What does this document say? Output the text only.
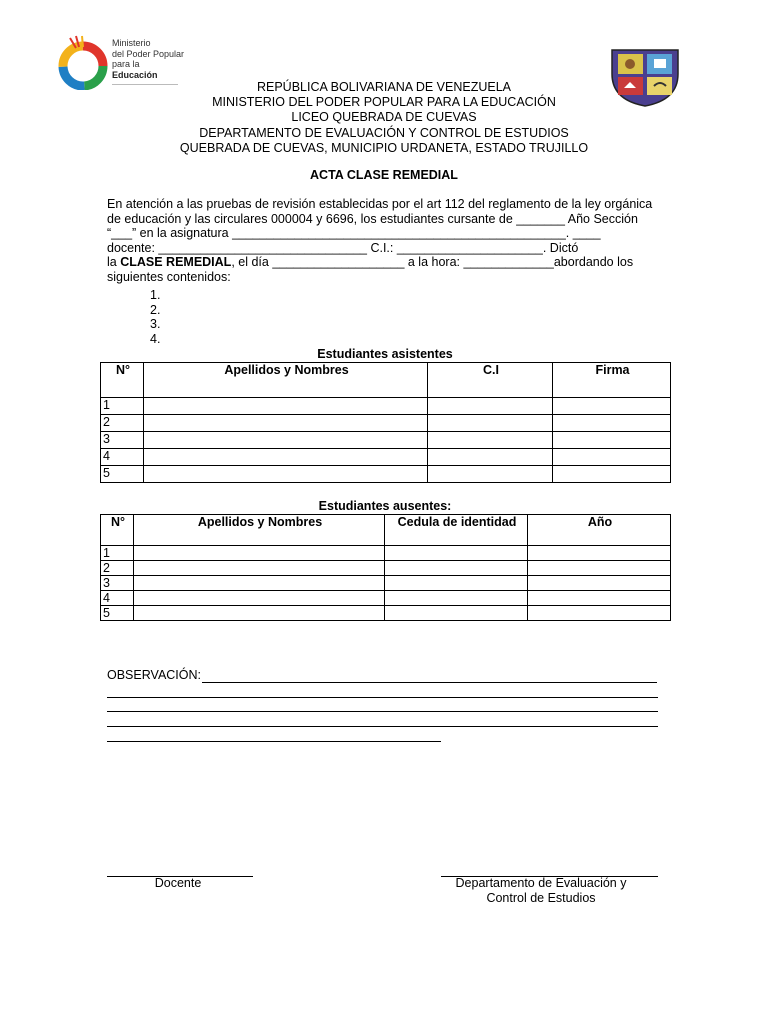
Ministerio
del Poder Popular
para la Educación
REPÚBLICA BOLIVARIANA DE VENEZUELA
MINISTERIO DEL PODER POPULAR PARA LA EDUCACIÓN
LICEO QUEBRADA DE CUEVAS
DEPARTAMENTO DE EVALUACIÓN Y CONTROL DE ESTUDIOS
QUEBRADA DE CUEVAS, MUNICIPIO URDANETA, ESTADO TRUJILLO
ACTA CLASE REMEDIAL
En atención a las pruebas de revisión establecidas por el art 112 del reglamento de la ley orgánica
de educación y las circulares 000004 y 6696, los estudiantes cursante de _______ Año Sección
“___” en la asignatura ________________________________________________. ____
docente: ______________________________ C.I.: _____________________. Dictó
la CLASE REMEDIAL, el día ___________________ a la hora: _____________abordando los
siguientes contenidos:
1.
2.
3.
4.
Estudiantes asistentes
N°	Apellidos y Nombres	C.I	Firma
1			
2			
3			
4			
5			
Estudiantes ausentes:
N°	Apellidos y Nombres	Cedula de identidad	Año
1			
2			
3			
4			
5			
OBSERVACIÓN:
Docente	Departamento de Evaluación y
Control de Estudios
